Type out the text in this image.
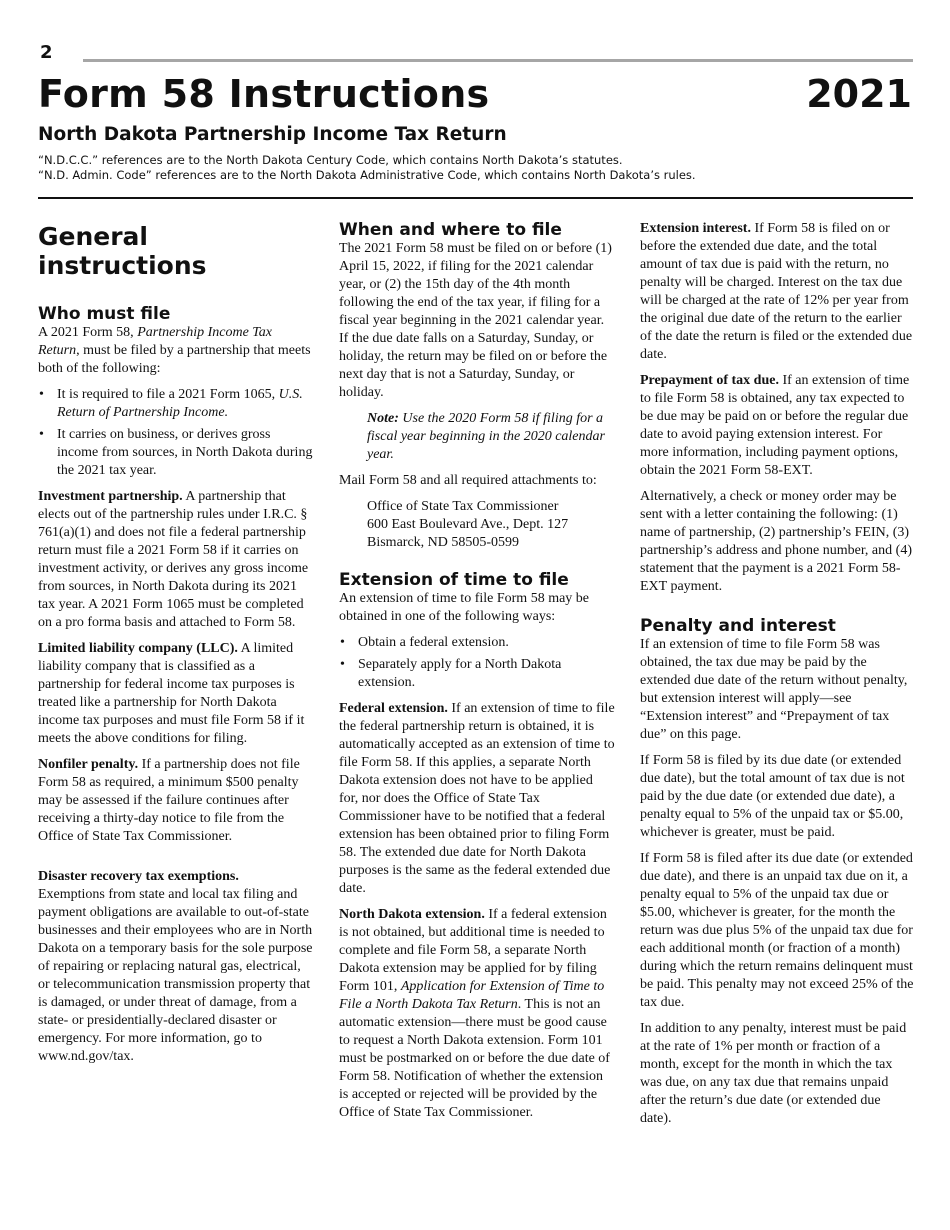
2
Form 58 Instructions	2021
North Dakota Partnership Income Tax Return
“N.D.C.C.” references are to the North Dakota Century Code, which contains North Dakota’s statutes.
“N.D. Admin. Code” references are to the North Dakota Administrative Code, which contains North Dakota’s rules.
General instructions
Who must file

A 2021 Form 58, Partnership Income Tax Return, must be filed by a partnership that meets both of the following:

• It is required to file a 2021 Form 1065, U.S. Return of Partnership Income.
• It carries on business, or derives gross income from sources, in North Dakota during the 2021 tax year.

Investment partnership. A partnership that elects out of the partnership rules under I.R.C. § 761(a)(1) and does not file a federal partnership return must file a 2021 Form 58 if it carries on investment activity, or derives any gross income from sources, in North Dakota during its 2021 tax year. A 2021 Form 1065 must be completed on a pro forma basis and attached to Form 58.

Limited liability company (LLC). A limited liability company that is classified as a partnership for federal income tax purposes is treated like a partnership for North Dakota income tax purposes and must file Form 58 if it meets the above conditions for filing.

Nonfiler penalty. If a partnership does not file Form 58 as required, a minimum $500 penalty may be assessed if the failure continues after receiving a thirty-day notice to file from the Office of State Tax Commissioner.

Disaster recovery tax exemptions.
Exemptions from state and local tax filing and payment obligations are available to out-of-state businesses and their employees who are in North Dakota on a temporary basis for the sole purpose of repairing or replacing natural gas, electrical, or telecommunication transmission property that is damaged, or under threat of damage, from a state- or presidentially-declared disaster or emergency. For more information, go to www.nd.gov/tax.

When and where to file

The 2021 Form 58 must be filed on or before (1) April 15, 2022, if filing for the 2021 calendar year, or (2) the 15th day of the 4th month following the end of the tax year, if filing for a fiscal year beginning in the 2021 calendar year. If the due date falls on a Saturday, Sunday, or holiday, the return may be filed on or before the next day that is not a Saturday, Sunday, or holiday.

Note: Use the 2020 Form 58 if filing for a fiscal year beginning in the 2020 calendar year.

Mail Form 58 and all required attachments to:

Office of State Tax Commissioner
600 East Boulevard Ave., Dept. 127
Bismarck, ND 58505-0599

Extension of time to file

An extension of time to file Form 58 may be obtained in one of the following ways:

• Obtain a federal extension.
• Separately apply for a North Dakota extension.

Federal extension. If an extension of time to file the federal partnership return is obtained, it is automatically accepted as an extension of time to file Form 58. If this applies, a separate North Dakota extension does not have to be applied for, nor does the Office of State Tax Commissioner have to be notified that a federal extension has been obtained prior to filing Form 58. The extended due date for North Dakota purposes is the same as the federal extended due date.

North Dakota extension. If a federal extension is not obtained, but additional time is needed to complete and file Form 58, a separate North Dakota extension may be applied for by filing Form 101, Application for Extension of Time to File a North Dakota Tax Return. This is not an automatic extension—there must be good cause to request a North Dakota extension. Form 101 must be postmarked on or before the due date of Form 58. Notification of whether the extension is accepted or rejected will be provided by the Office of State Tax Commissioner.

Extension interest. If Form 58 is filed on or before the extended due date, and the total amount of tax due is paid with the return, no penalty will be charged. Interest on the tax due will be charged at the rate of 12% per year from the original due date of the return to the earlier of the date the return is filed or the extended due date.

Prepayment of tax due. If an extension of time to file Form 58 is obtained, any tax expected to be due may be paid on or before the regular due date to avoid paying extension interest. For more information, including payment options, obtain the 2021 Form 58-EXT.

Alternatively, a check or money order may be sent with a letter containing the following: (1) name of partnership, (2) partnership’s FEIN, (3) partnership’s address and phone number, and (4) statement that the payment is a 2021 Form 58-EXT payment.

Penalty and interest

If an extension of time to file Form 58 was obtained, the tax due may be paid by the extended due date of the return without penalty, but extension interest will apply—see “Extension interest” and “Prepayment of tax due” on this page.

If Form 58 is filed by its due date (or extended due date), but the total amount of tax due is not paid by the due date (or extended due date), a penalty equal to 5% of the unpaid tax or $5.00, whichever is greater, must be paid.

If Form 58 is filed after its due date (or extended due date), and there is an unpaid tax due on it, a penalty equal to 5% of the unpaid tax due or $5.00, whichever is greater, for the month the return was due plus 5% of the unpaid tax due for each additional month (or fraction of a month) during which the return remains delinquent must be paid. This penalty may not exceed 25% of the tax due.

In addition to any penalty, interest must be paid at the rate of 1% per month or fraction of a month, except for the month in which the tax was due, on any tax due that remains unpaid after the return’s due date (or extended due date).
